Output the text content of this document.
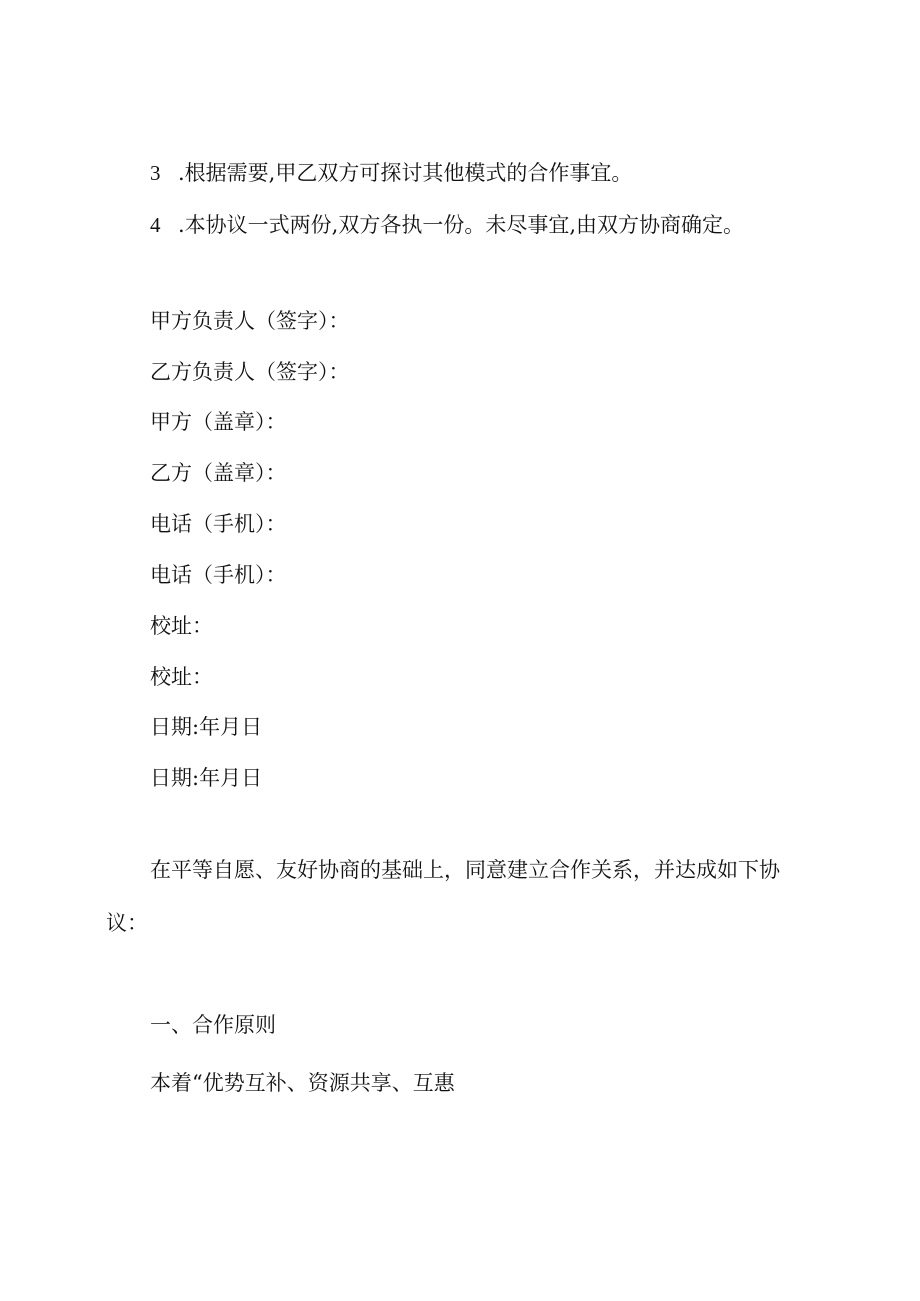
3 .根据需要,甲乙双方可探讨其他模式的合作事宜。
4 .本协议一式两份,双方各执一份。未尽事宜,由双方协商确定。
甲方负责人（签字）：
乙方负责人（签字）：
甲方（盖章）：
乙方（盖章）：
电话（手机）：
电话（手机）：
校址：
校址：
日期:年月日
日期:年月日
在平等自愿、友好协商的基础上，同意建立合作关系，并达成如下协
议：
一、合作原则
本着“优势互补、资源共享、互惠
